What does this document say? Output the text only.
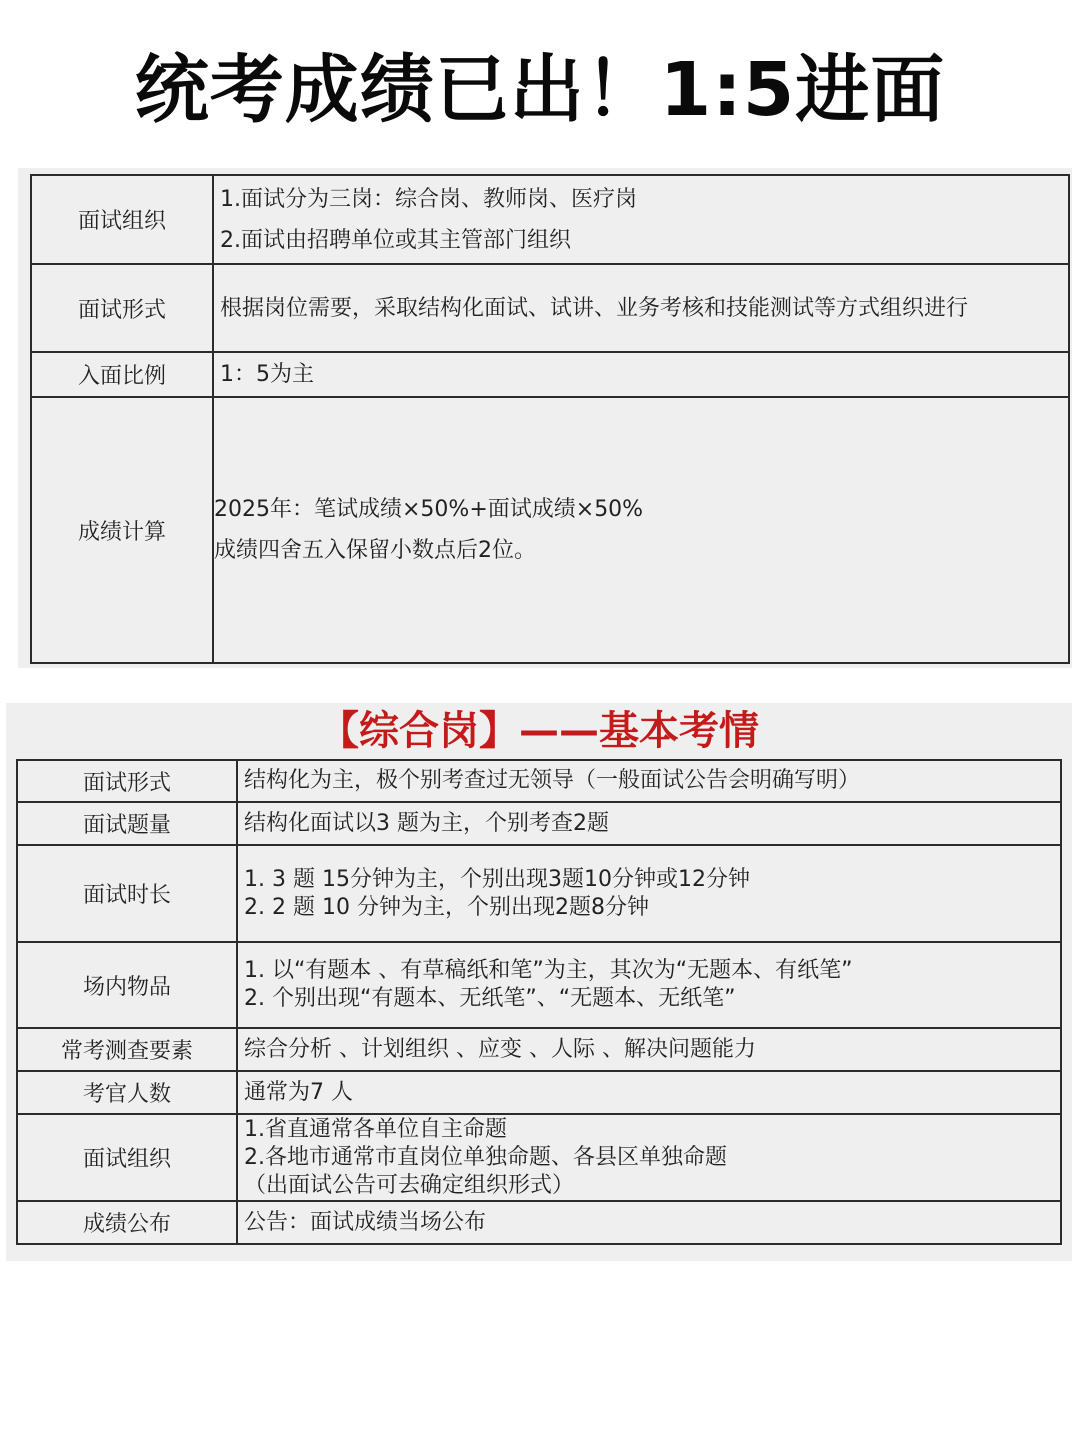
统考成绩已出！1:5进面
面试组织	1.面试分为三岗：综合岗、教师岗、医疗岗
2.面试由招聘单位或其主管部门组织

面试形式	根据岗位需要，采取结构化面试、试讲、业务考核和技能测试等方式组织进行

入面比例	1：5为主

成绩计算	2025年：笔试成绩×50%+面试成绩×50%
成绩四舍五入保留小数点后2位。
【综合岗】——基本考情
面试形式	结构化为主，极个别考查过无领导（一般面试公告会明确写明）

面试题量	结构化面试以3 题为主，个别考查2题

面试时长	1. 3 题 15分钟为主，个别出现3题10分钟或12分钟
2. 2 题 10 分钟为主，个别出现2题8分钟

场内物品	1. 以“有题本 、有草稿纸和笔”为主，其次为“无题本、有纸笔”
2. 个别出现“有题本、无纸笔”、“无题本、无纸笔”

常考测查要素	综合分析 、计划组织 、应变 、人际 、解决问题能力

考官人数	通常为7 人

面试组织	1.省直通常各单位自主命题
2.各地市通常市直岗位单独命题、各县区单独命题
（出面试公告可去确定组织形式）

成绩公布	公告：面试成绩当场公布
